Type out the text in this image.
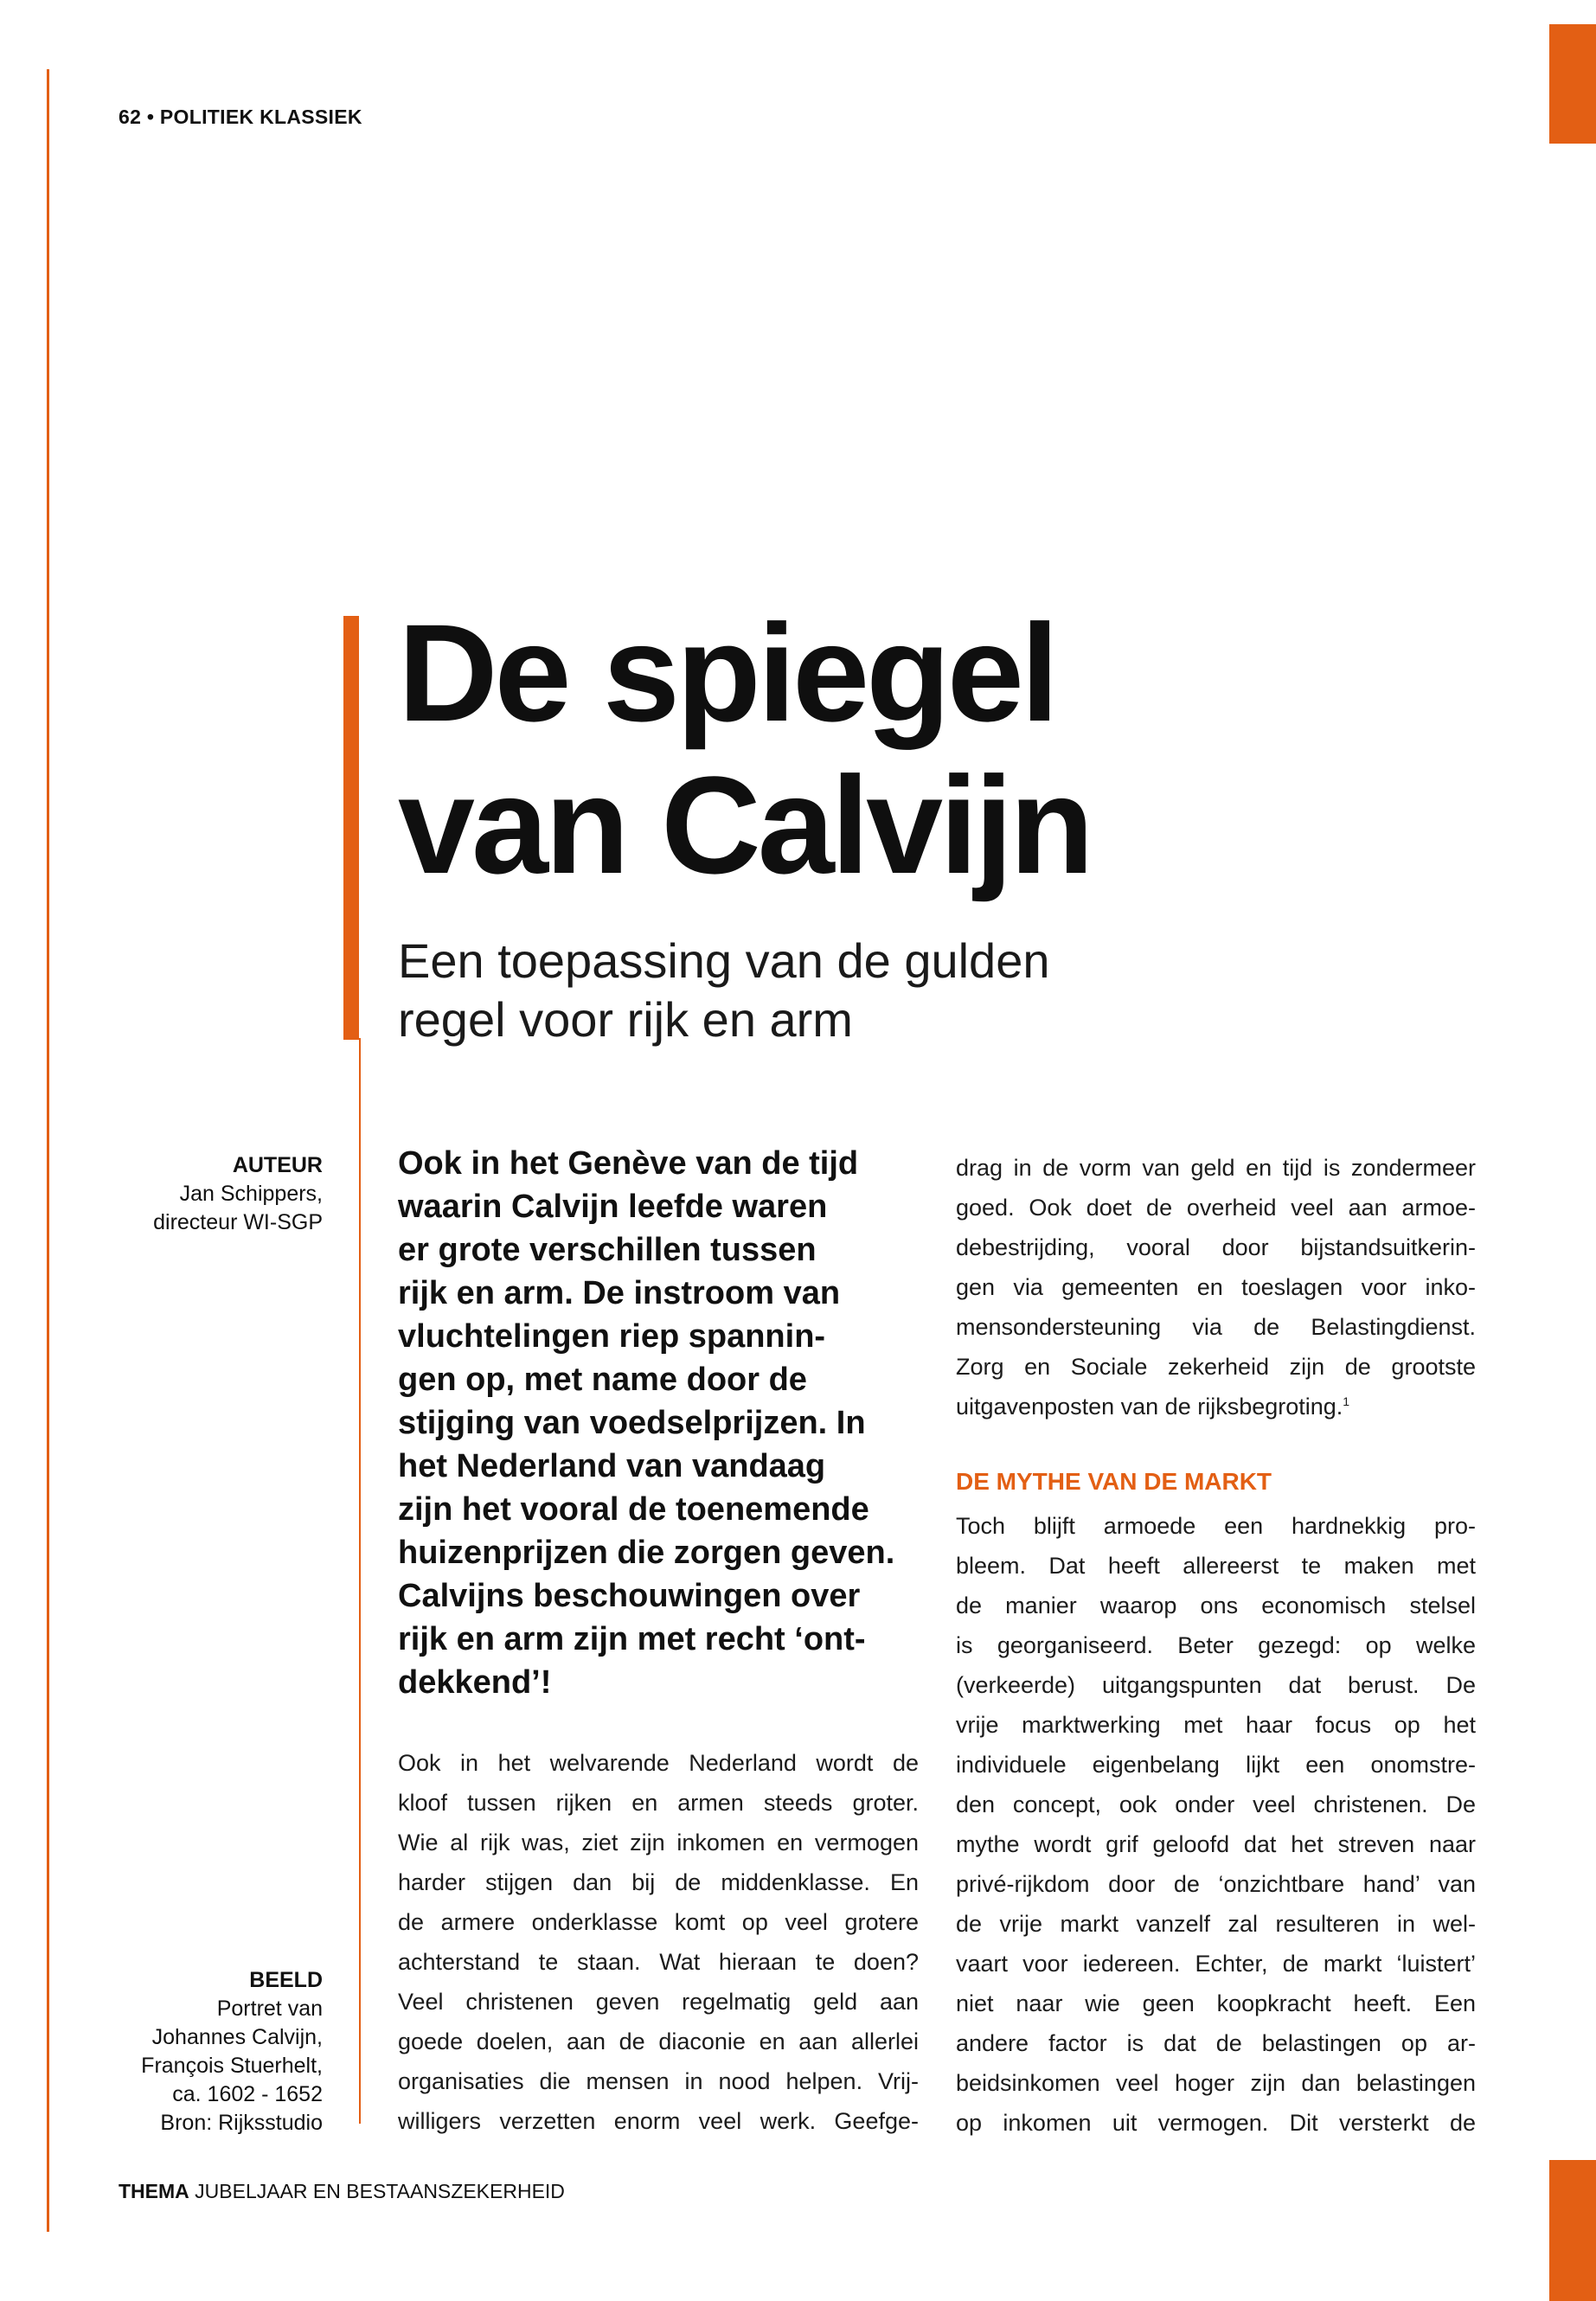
62 • POLITIEK KLASSIEK
De spiegel
van Calvijn
Een toepassing van de gulden
regel voor rijk en arm
AUTEUR
Jan Schippers,
directeur WI-SGP
BEELD
Portret van
Johannes Calvijn,
François Stuerhelt,
ca. 1602 - 1652
Bron: Rijksstudio
Ook in het Genève van de tijd
waarin Calvijn leefde waren
er grote verschillen tussen
rijk en arm. De instroom van
vluchtelingen riep spannin-
gen op, met name door de
stijging van voedselprijzen. In
het Nederland van vandaag
zijn het vooral de toenemende
huizenprijzen die zorgen geven.
Calvijns beschouwingen over
rijk en arm zijn met recht ‘ont-
dekkend’!
Ook in het welvarende Nederland wordt de
kloof tussen rijken en armen steeds groter.
Wie al rijk was, ziet zijn inkomen en vermogen
harder stijgen dan bij de middenklasse. En
de armere onderklasse komt op veel grotere
achterstand te staan. Wat hieraan te doen?
Veel christenen geven regelmatig geld aan
goede doelen, aan de diaconie en aan allerlei
organisaties die mensen in nood helpen. Vrij-
willigers verzetten enorm veel werk. Geefge-
drag in de vorm van geld en tijd is zondermeer
goed. Ook doet de overheid veel aan armoe-
debestrijding, vooral door bijstandsuitkerin-
gen via gemeenten en toeslagen voor inko-
mensondersteuning via de Belastingdienst.
Zorg en Sociale zekerheid zijn de grootste
uitgavenposten van de rijksbegroting.$^1$
DE MYTHE VAN DE MARKT
Toch blijft armoede een hardnekkig pro-
bleem. Dat heeft allereerst te maken met
de manier waarop ons economisch stelsel
is georganiseerd. Beter gezegd: op welke
(verkeerde) uitgangspunten dat berust. De
vrije marktwerking met haar focus op het
individuele eigenbelang lijkt een onomstre-
den concept, ook onder veel christenen. De
mythe wordt grif geloofd dat het streven naar
privé-rijkdom door de ‘onzichtbare hand’ van
de vrije markt vanzelf zal resulteren in wel-
vaart voor iedereen. Echter, de markt ‘luistert’
niet naar wie geen koopkracht heeft. Een
andere factor is dat de belastingen op ar-
beidsinkomen veel hoger zijn dan belastingen
op inkomen uit vermogen. Dit versterkt de
THEMA JUBELJAAR EN BESTAANSZEKERHEID
